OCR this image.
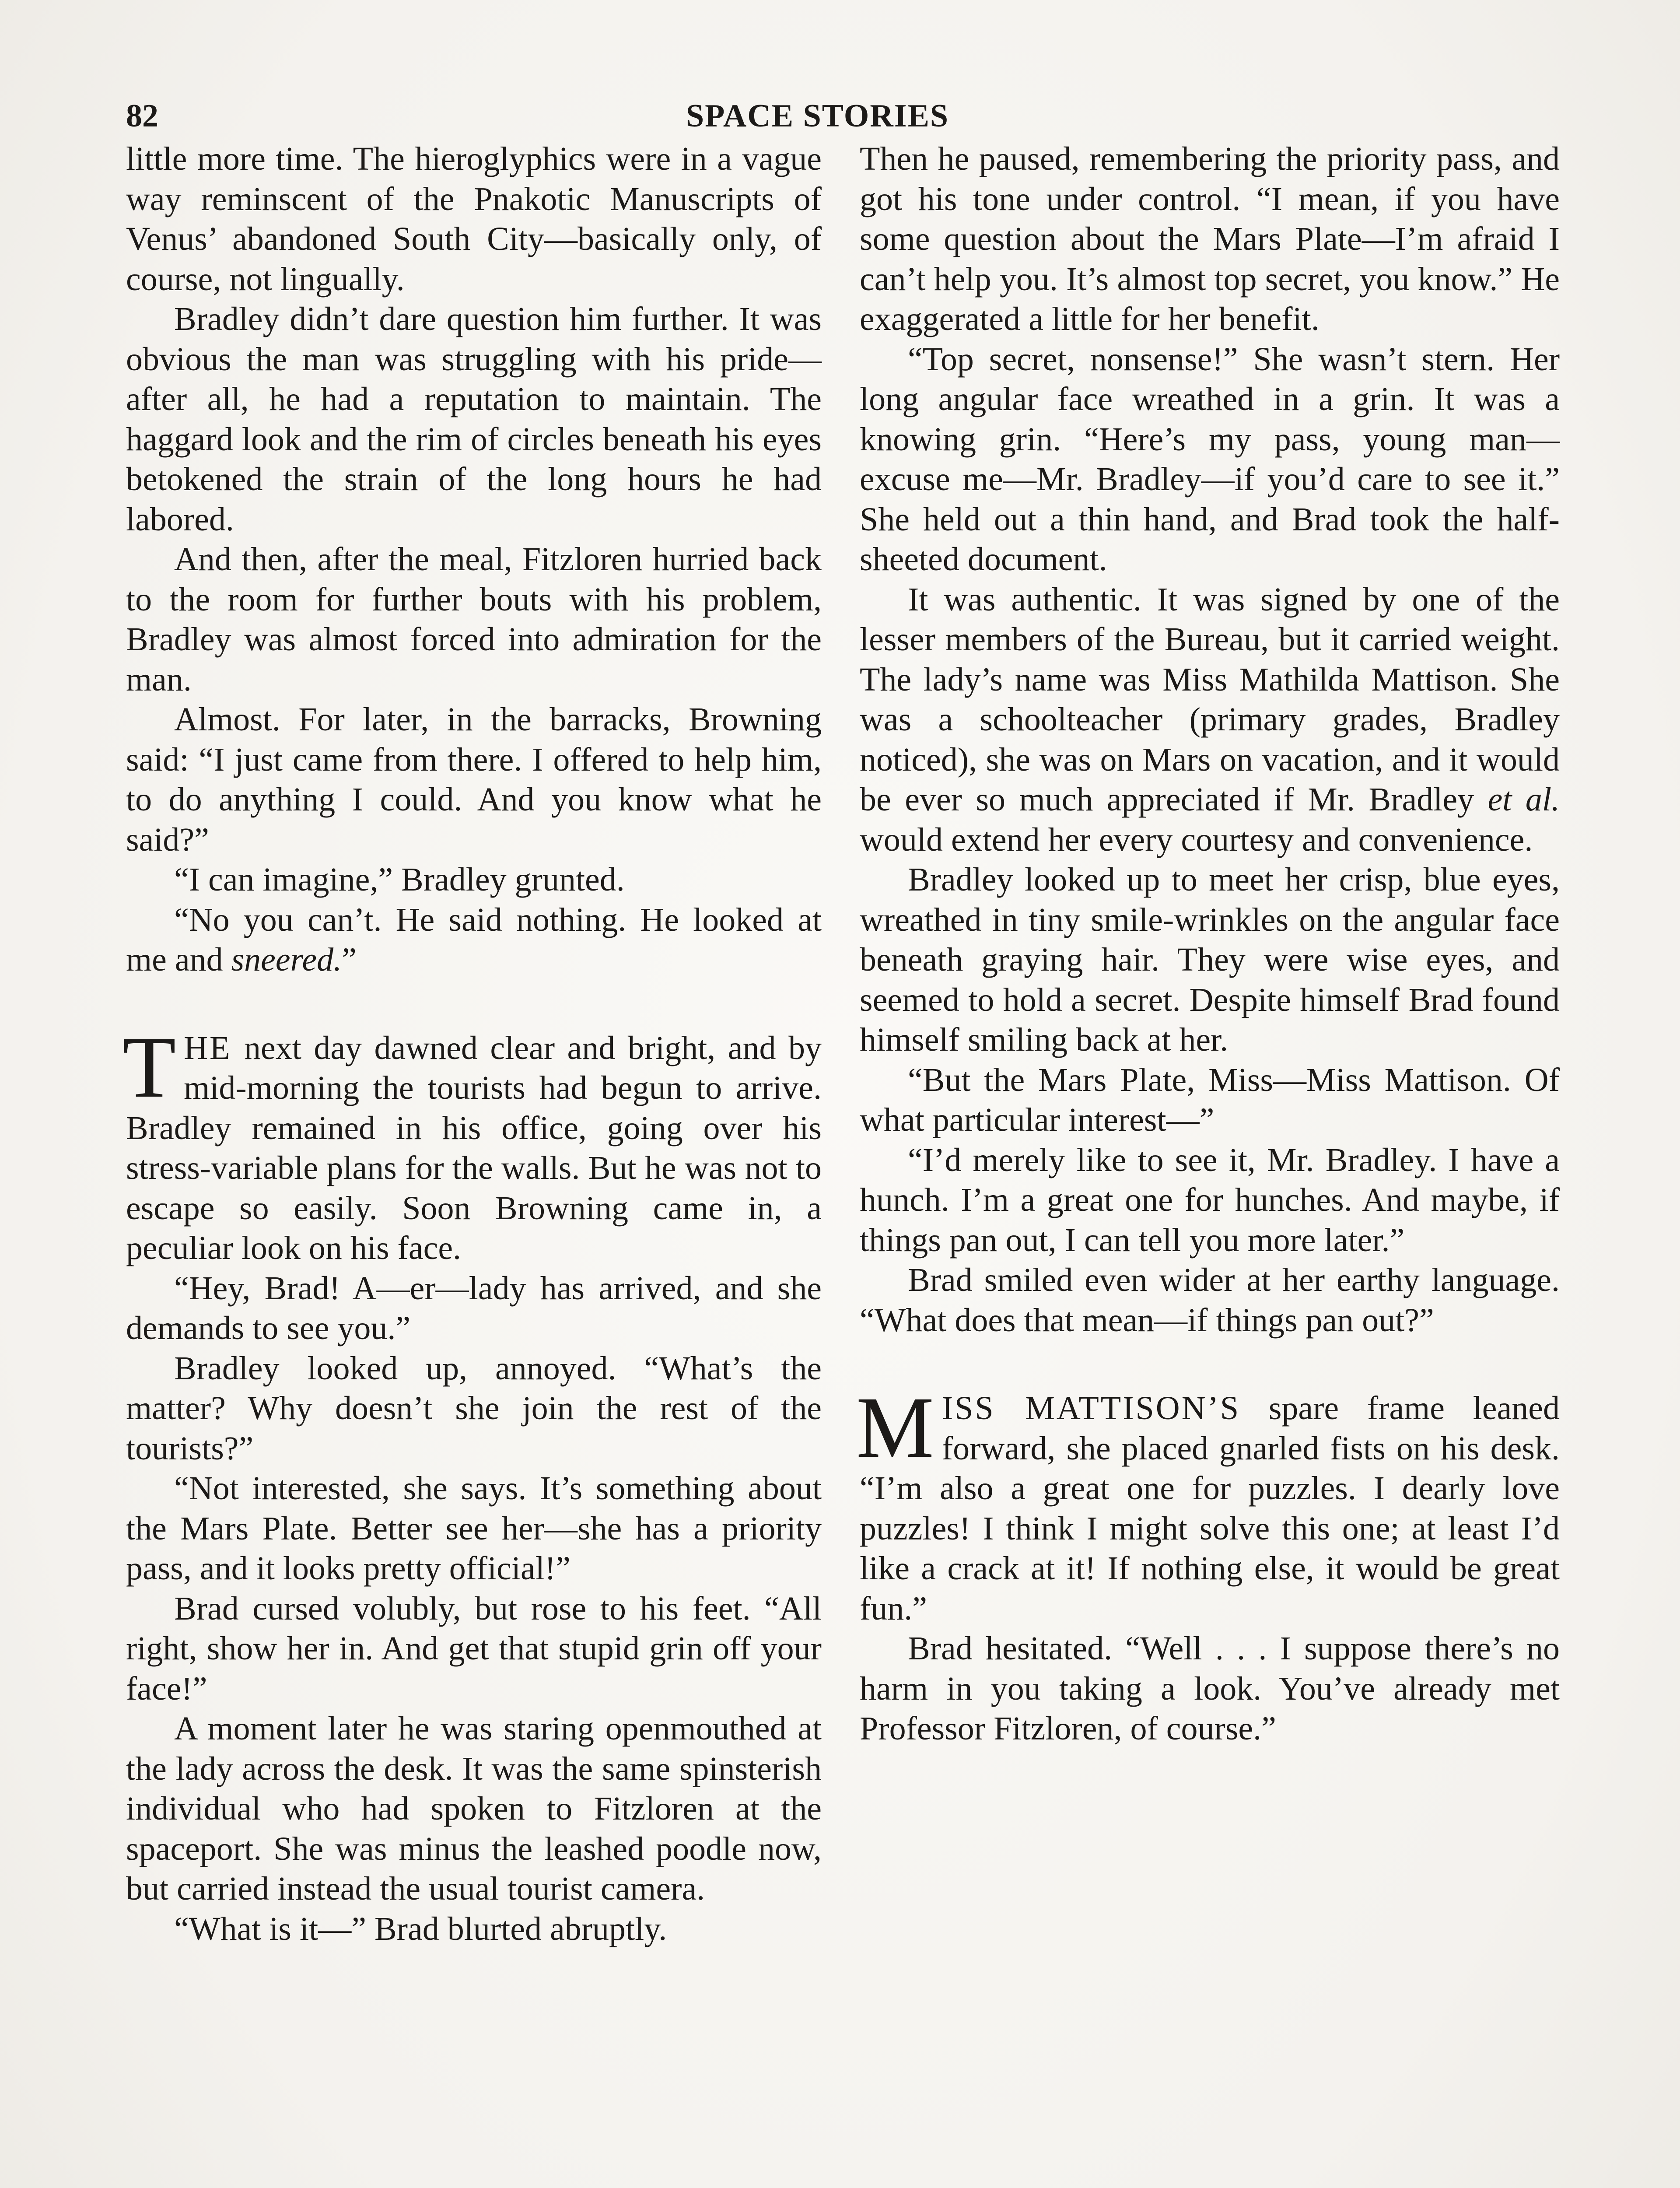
82	SPACE STORIES

little more time. The hieroglyphics were in a vague way reminscent of the Pnakotic Manuscripts of Venus’ abandoned South City—basically only, of course, not lingually.

Bradley didn’t dare question him further. It was obvious the man was struggling with his pride—after all, he had a reputation to maintain. The haggard look and the rim of circles beneath his eyes betokened the strain of the long hours he had labored.

And then, after the meal, Fitzloren hurried back to the room for further bouts with his problem, Bradley was almost forced into admiration for the man.

Almost. For later, in the barracks, Browning said: “I just came from there. I offered to help him, to do anything I could. And you know what he said?”

“I can imagine,” Bradley grunted.

“No you can’t. He said nothing. He looked at me and sneered.”

THE next day dawned clear and bright, and by mid-morning the tourists had begun to arrive. Bradley remained in his office, going over his stress-variable plans for the walls. But he was not to escape so easily. Soon Browning came in, a peculiar look on his face.

“Hey, Brad! A—er—lady has arrived, and she demands to see you.”

Bradley looked up, annoyed. “What’s the matter? Why doesn’t she join the rest of the tourists?”

“Not interested, she says. It’s something about the Mars Plate. Better see her—she has a priority pass, and it looks pretty official!”

Brad cursed volubly, but rose to his feet. “All right, show her in. And get that stupid grin off your face!”

A moment later he was staring openmouthed at the lady across the desk. It was the same spinsterish individual who had spoken to Fitzloren at the spaceport. She was minus the leashed poodle now, but carried instead the usual tourist camera.

“What is it—” Brad blurted abruptly.

Then he paused, remembering the priority pass, and got his tone under control. “I mean, if you have some question about the Mars Plate—I’m afraid I can’t help you. It’s almost top secret, you know.” He exaggerated a little for her benefit.

“Top secret, nonsense!” She wasn’t stern. Her long angular face wreathed in a grin. It was a knowing grin. “Here’s my pass, young man—excuse me—Mr. Bradley—if you’d care to see it.” She held out a thin hand, and Brad took the half-sheeted document.

It was authentic. It was signed by one of the lesser members of the Bureau, but it carried weight. The lady’s name was Miss Mathilda Mattison. She was a schoolteacher (primary grades, Bradley noticed), she was on Mars on vacation, and it would be ever so much appreciated if Mr. Bradley et al. would extend her every courtesy and convenience.

Bradley looked up to meet her crisp, blue eyes, wreathed in tiny smile-wrinkles on the angular face beneath graying hair. They were wise eyes, and seemed to hold a secret. Despite himself Brad found himself smiling back at her.

“But the Mars Plate, Miss—Miss Mattison. Of what particular interest—”

“I’d merely like to see it, Mr. Bradley. I have a hunch. I’m a great one for hunches. And maybe, if things pan out, I can tell you more later.”

Brad smiled even wider at her earthy language. “What does that mean—if things pan out?”

MISS MATTISON’S spare frame leaned forward, she placed gnarled fists on his desk. “I’m also a great one for puzzles. I dearly love puzzles! I think I might solve this one; at least I’d like a crack at it! If nothing else, it would be great fun.”

Brad hesitated. “Well . . . I suppose there’s no harm in you taking a look. You’ve already met Professor Fitzloren, of course.”
